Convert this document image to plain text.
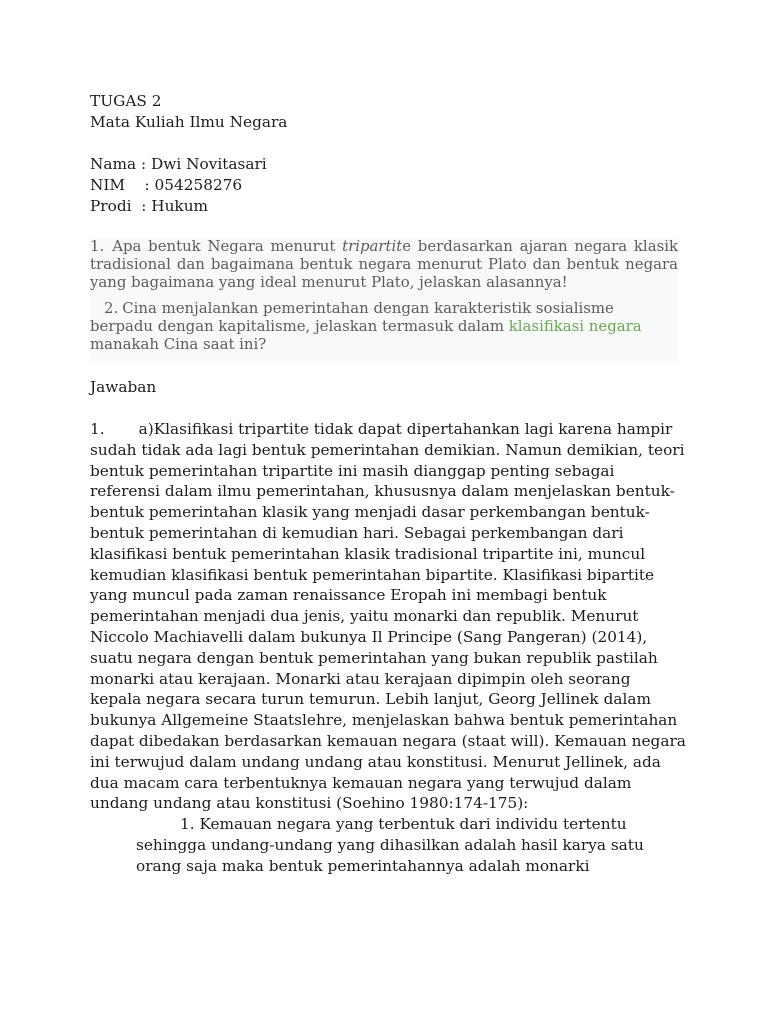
TUGAS 2
Mata Kuliah Ilmu Negara
Nama : Dwi Novitasari
NIM    : 054258276
Prodi  : Hukum
1. Apa bentuk Negara menurut tripartite berdasarkan ajaran negara klasik tradisional dan bagaimana bentuk negara menurut Plato dan bentuk negara yang bagaimana yang ideal menurut Plato, jelaskan alasannya!
2. Cina menjalankan pemerintahan dengan karakteristik sosialisme berpadu dengan kapitalisme, jelaskan termasuk dalam klasifikasi negara
manakah Cina saat ini?
Jawaban
1.       a)Klasifikasi tripartite tidak dapat dipertahankan lagi karena hampir
sudah tidak ada lagi bentuk pemerintahan demikian. Namun demikian, teori
bentuk pemerintahan tripartite ini masih dianggap penting sebagai
referensi dalam ilmu pemerintahan, khususnya dalam menjelaskan bentuk-
bentuk pemerintahan klasik yang menjadi dasar perkembangan bentuk-
bentuk pemerintahan di kemudian hari. Sebagai perkembangan dari
klasifikasi bentuk pemerintahan klasik tradisional tripartite ini, muncul
kemudian klasifikasi bentuk pemerintahan bipartite. Klasifikasi bipartite
yang muncul pada zaman renaissance Eropah ini membagi bentuk
pemerintahan menjadi dua jenis, yaitu monarki dan republik. Menurut
Niccolo Machiavelli dalam bukunya Il Principe (Sang Pangeran) (2014),
suatu negara dengan bentuk pemerintahan yang bukan republik pastilah
monarki atau kerajaan. Monarki atau kerajaan dipimpin oleh seorang
kepala negara secara turun temurun. Lebih lanjut, Georg Jellinek dalam
bukunya Allgemeine Staatslehre, menjelaskan bahwa bentuk pemerintahan
dapat dibedakan berdasarkan kemauan negara (staat will). Kemauan negara
ini terwujud dalam undang undang atau konstitusi. Menurut Jellinek, ada
dua macam cara terbentuknya kemauan negara yang terwujud dalam
undang undang atau konstitusi (Soehino 1980:174-175):
1. Kemauan negara yang terbentuk dari individu tertentu
sehingga undang-undang yang dihasilkan adalah hasil karya satu
orang saja maka bentuk pemerintahannya adalah monarki
